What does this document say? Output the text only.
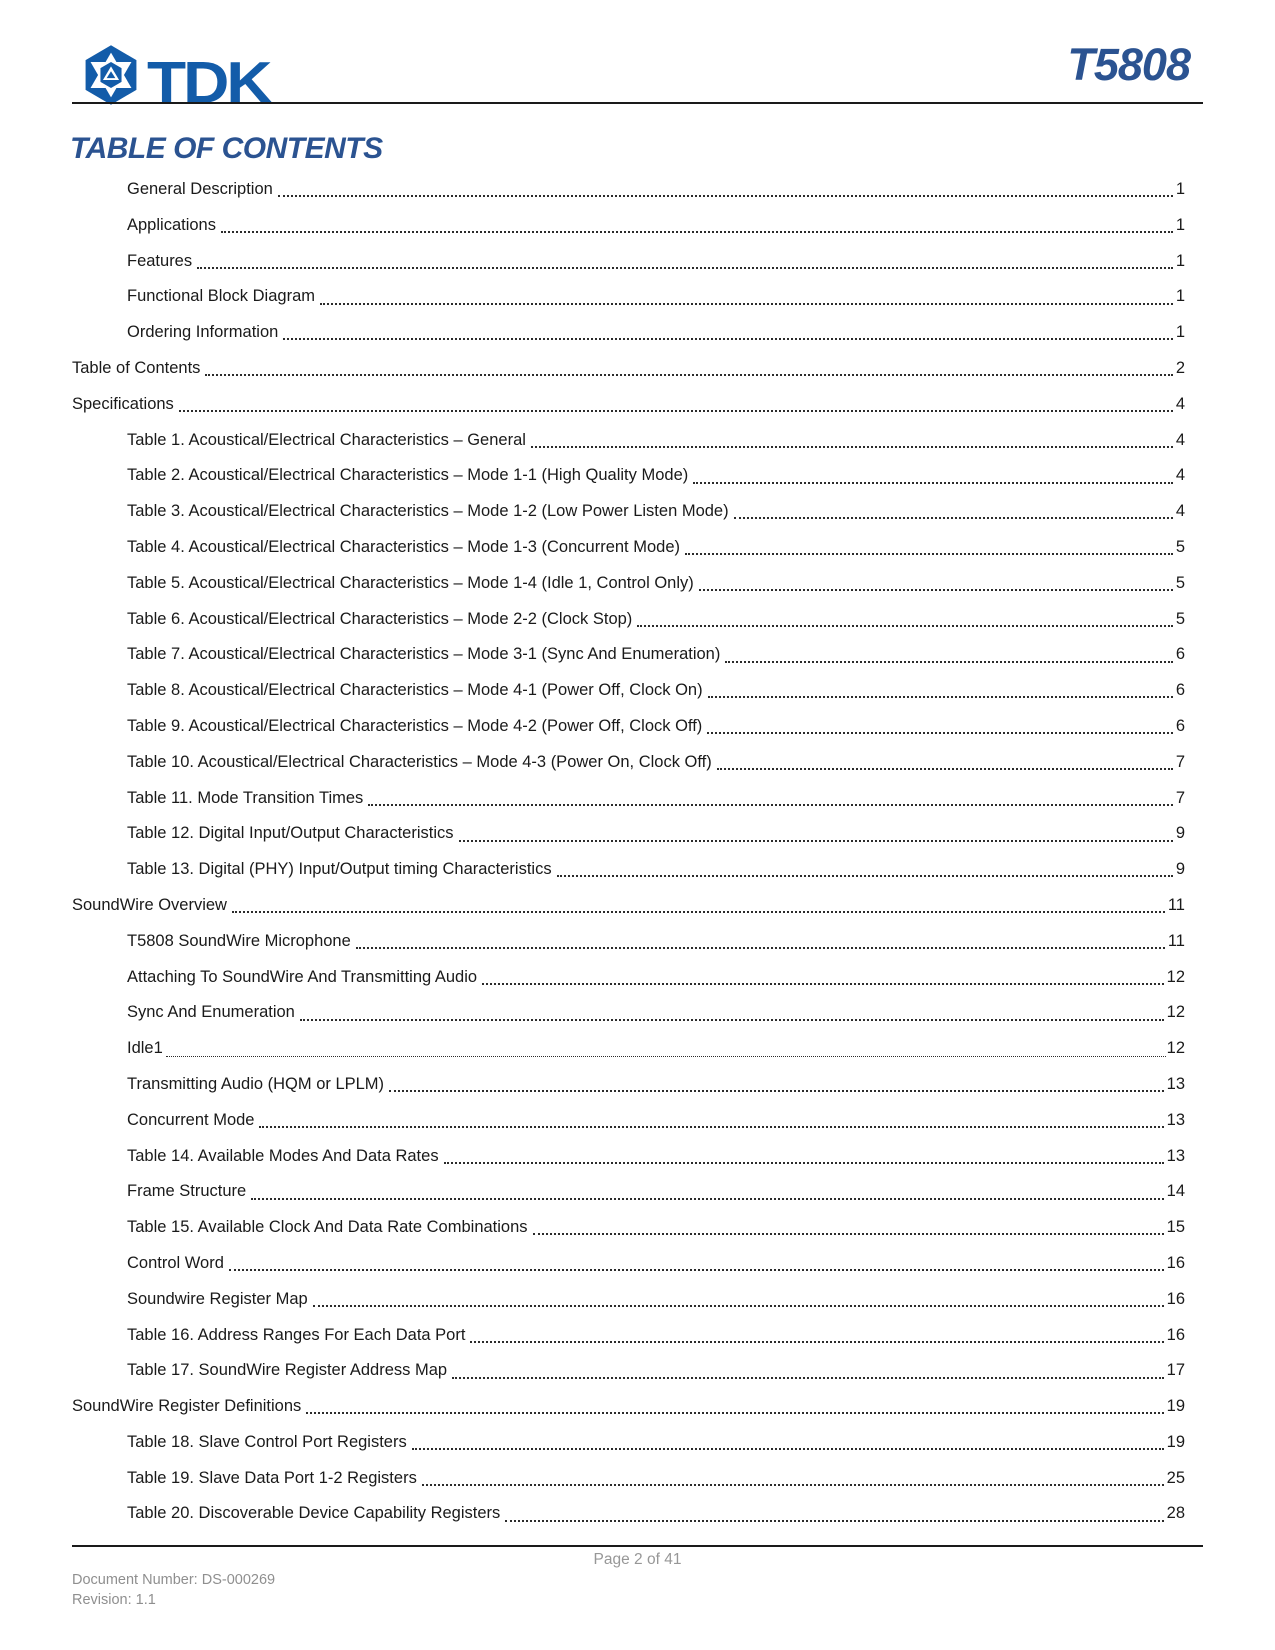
TDK	T5808
TABLE OF CONTENTS
General Description	1
Applications	1
Features	1
Functional Block Diagram	1
Ordering Information	1
Table of Contents	2
Specifications	4
Table 1. Acoustical/Electrical Characteristics – General	4
Table 2. Acoustical/Electrical Characteristics – Mode 1-1 (High Quality Mode)	4
Table 3. Acoustical/Electrical Characteristics – Mode 1-2 (Low Power Listen Mode)	4
Table 4. Acoustical/Electrical Characteristics – Mode 1-3 (Concurrent Mode)	5
Table 5. Acoustical/Electrical Characteristics – Mode 1-4 (Idle 1, Control Only)	5
Table 6. Acoustical/Electrical Characteristics – Mode 2-2 (Clock Stop)	5
Table 7. Acoustical/Electrical Characteristics – Mode 3-1 (Sync And Enumeration)	6
Table 8. Acoustical/Electrical Characteristics – Mode 4-1 (Power Off, Clock On)	6
Table 9. Acoustical/Electrical Characteristics – Mode 4-2 (Power Off, Clock Off)	6
Table 10. Acoustical/Electrical Characteristics – Mode 4-3 (Power On, Clock Off)	7
Table 11. Mode Transition Times	7
Table 12. Digital Input/Output Characteristics	9
Table 13. Digital (PHY) Input/Output timing Characteristics	9
SoundWire Overview	11
T5808 SoundWire Microphone	11
Attaching To SoundWire And Transmitting Audio	12
Sync And Enumeration	12
Idle1	12
Transmitting Audio (HQM or LPLM)	13
Concurrent Mode	13
Table 14. Available Modes And Data Rates	13
Frame Structure	14
Table 15. Available Clock And Data Rate Combinations	15
Control Word	16
Soundwire Register Map	16
Table 16. Address Ranges For Each Data Port	16
Table 17. SoundWire Register Address Map	17
SoundWire Register Definitions	19
Table 18. Slave Control Port Registers	19
Table 19. Slave Data Port 1-2 Registers	25
Table 20. Discoverable Device Capability Registers	28
Page 2 of 41
Document Number: DS-000269
Revision: 1.1
